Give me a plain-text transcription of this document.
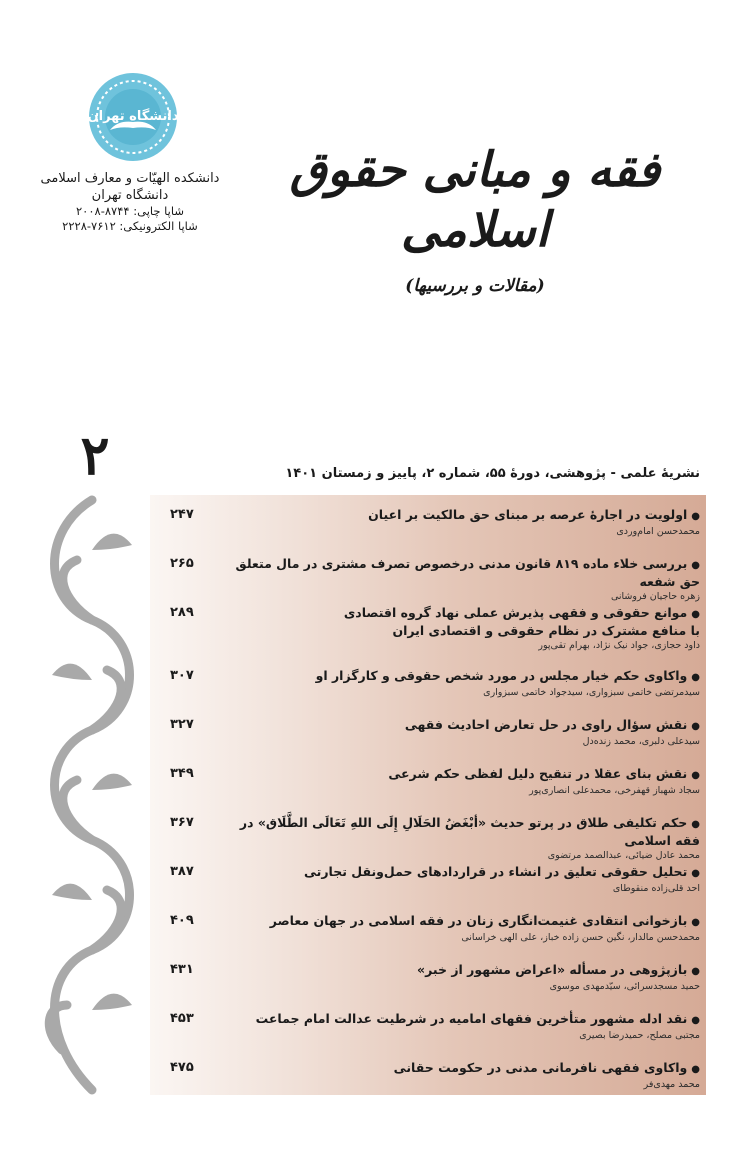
دانشگاه تهران
دانشکده الهیّات و معارف اسلامی
دانشگاه تهران
شاپا چاپی: ۸۷۴۴-۲۰۰۸
شاپا الکترونیکی: ۷۶۱۲-۲۲۲۸
فقه و مبانی حقوق اسلامی
(مقالات و بررسیها)
۲	نشریهٔ علمی - پژوهشی، دورهٔ ۵۵، شماره ۲، پاییز و زمستان ۱۴۰۱
۲۴۷	●اولویت در اجارهٔ عرصه بر مبنای حق مالکیت بر اعیان
محمدحسن امام‌وردی
۲۶۵	●بررسی خلاء ماده ۸۱۹ قانون مدنی درخصوص تصرف مشتری در مال متعلق حق شفعه
زهره حاجیان فروشانی
۲۸۹	●موانع حقوقی و فقهی پذیرش عملی نهاد گروه اقتصادی
با منافع مشترک در نظام حقوقی و اقتصادی ایران
داود حجازی، جواد نیک نژاد، بهرام تقی‌پور
۳۰۷	●واکاوی حکم خیار مجلس در مورد شخص حقوقی و کارگزار او
سیدمرتضی خاتمی سبزواری، سیدجواد خاتمی سبزواری
۳۲۷	●نقش سؤال راوی در حل تعارض احادیث فقهی
سیدعلی دلبری، محمد زنده‌دل
۳۴۹	●نقش بنای عقلا در تنقیح دلیل لفظی حکم شرعی
سجاد شهباز قهفرخی، محمدعلی انصاری‌پور
۳۶۷	●حکم تکلیفی طلاق در پرتو حدیث «أبْغَضُ الحَلَالِ إِلَى اللهِ تَعَالَى الطَّلَاق» در فقه اسلامی
محمد عادل ضیائی، عبدالصمد مرتضوی
۳۸۷	●تحلیل حقوقی تعلیق در انشاء در قراردادهای حمل‌ونقل تجارتی
احد قلی‌زاده منقوطای
۴۰۹	●بازخوانی انتقادی غنیمت‌انگاری زنان در فقه اسلامی در جهان معاصر
محمدحسن مالدار، نگین حسن زاده خباز، علی الهی خراسانی
۴۳۱	●بازپژوهی در مسأله «اعراض مشهور از خبر»
حمید مسجدسرائی، سیّدمهدی موسوی
۴۵۳	●نقد ادله مشهور متأخرین فقهای امامیه در شرطیت عدالت امام جماعت
مجتبی مصلح، حمیدرضا بصیری
۴۷۵	●واکاوی فقهی نافرمانی مدنی در حکومت حقانی
محمد مهدی‌فر
